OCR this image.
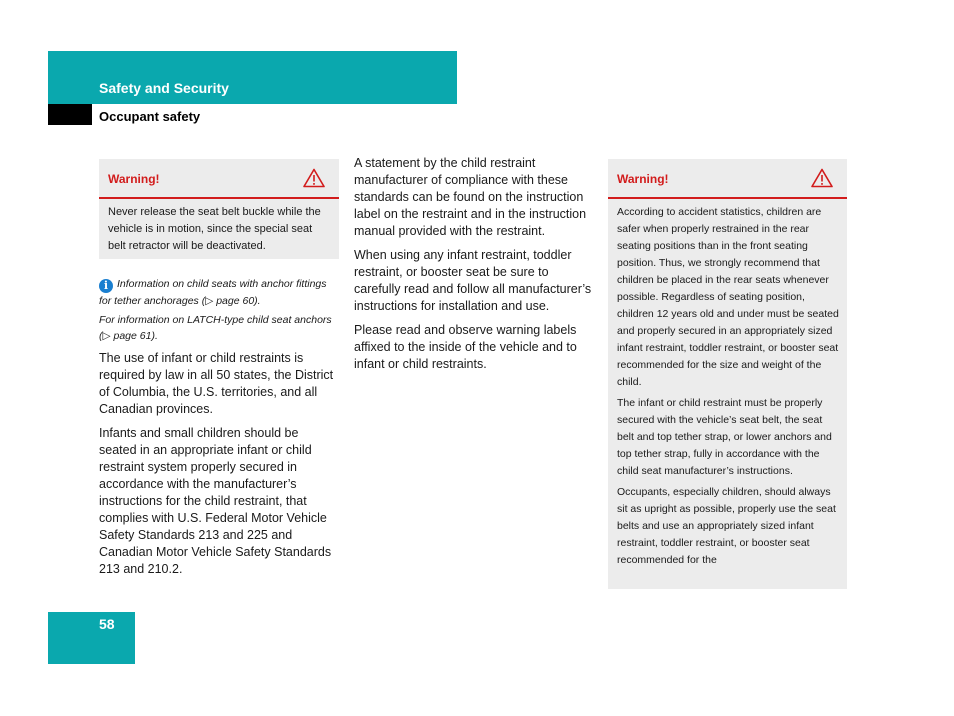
Safety and Security
Occupant safety
Warning!

Never release the seat belt buckle while the vehicle is in motion, since the special seat belt retractor will be deactivated.

i Information on child seats with anchor fittings for tether anchorages (▷ page 60).

For information on LATCH-type child seat anchors (▷ page 61).

The use of infant or child restraints is required by law in all 50 states, the District of Columbia, the U.S. territories, and all Canadian provinces.

Infants and small children should be seated in an appropriate infant or child restraint system properly secured in accordance with the manufacturer’s instructions for the child restraint, that complies with U.S. Federal Motor Vehicle Safety Standards 213 and 225 and Canadian Motor Vehicle Safety Standards 213 and 210.2.

A statement by the child restraint manufacturer of compliance with these standards can be found on the instruction label on the restraint and in the instruction manual provided with the restraint.

When using any infant restraint, toddler restraint, or booster seat be sure to carefully read and follow all manufacturer’s instructions for installation and use.

Please read and observe warning labels affixed to the inside of the vehicle and to infant or child restraints.

Warning!

According to accident statistics, children are safer when properly restrained in the rear seating positions than in the front seating position. Thus, we strongly recommend that children be placed in the rear seats whenever possible. Regardless of seating position, children 12 years old and under must be seated and properly secured in an appropriately sized infant restraint, toddler restraint, or booster seat recommended for the size and weight of the child.

The infant or child restraint must be properly secured with the vehicle’s seat belt, the seat belt and top tether strap, or lower anchors and top tether strap, fully in accordance with the child seat manufacturer’s instructions.

Occupants, especially children, should always sit as upright as possible, properly use the seat belts and use an appropriately sized infant restraint, toddler restraint, or booster seat recommended for the

58
